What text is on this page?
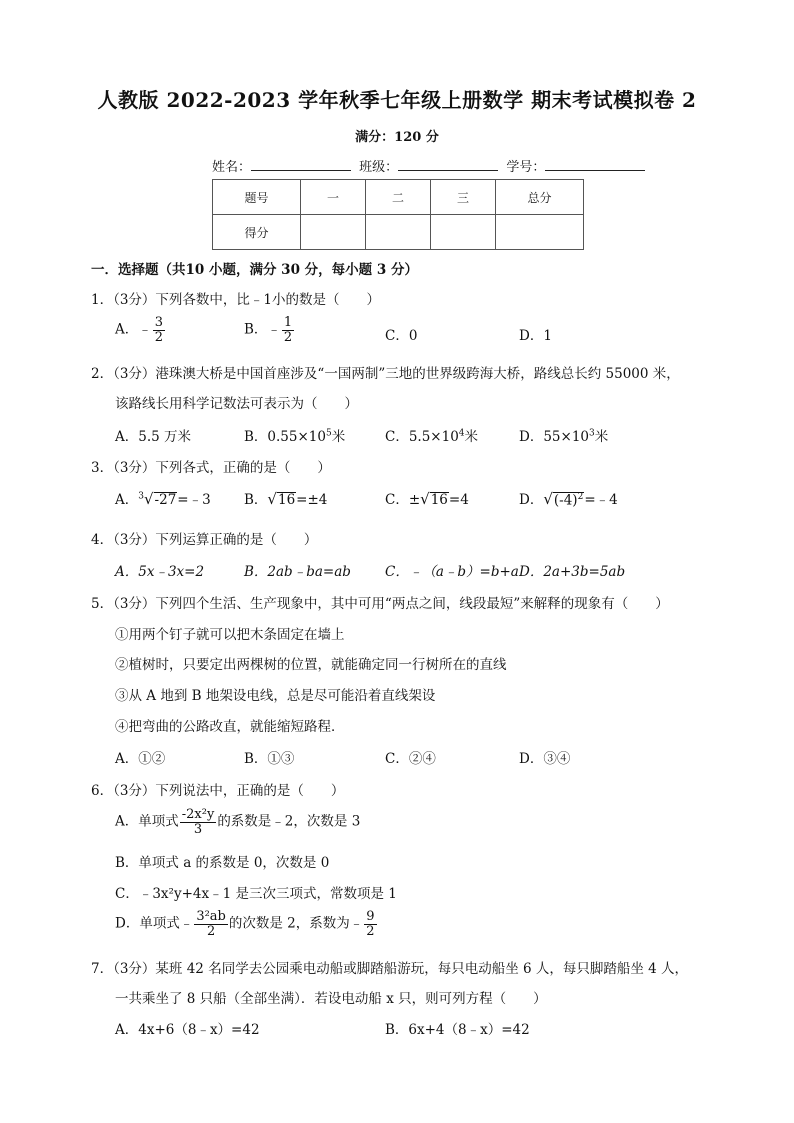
人教版 2022-2023 学年秋季七年级上册数学 期末考试模拟卷 2
满分：120 分
姓名：	班级：	学号：
题号	一	二	三	总分
得分				
一．选择题（共10 小题，满分 30 分，每小题 3 分）
1．（3分）下列各数中，比﹣1小的数是（　　）
A．﹣ $\frac{3}{2}$	B．﹣ $\frac{1}{2}$	C．0	D．1
2．（3分）港珠澳大桥是中国首座涉及“一国两制”三地的世界级跨海大桥，路线总长约 55000 米，
该路线长用科学记数法可表示为（　　）
A．5.5 万米	B．$0.55\times 10^5$米	C．$5.5\times 10^4$米	D．$55\times 10^3$米
3．（3分）下列各式，正确的是（　　）
A．$^3$√-27=﹣3 B．√16=±4	C．±√16=4	D．$√(-4)^2=﹣4$
4．（3分）下列运算正确的是（　　）
A．5x﹣3x=2	B．2ab﹣ba=ab	C．﹣（a﹣b）=b+a D．2a+3b=5ab
5．（3分）下列四个生活、生产现象中，其中可用“两点之间，线段最短”来解释的现象有（　　）
①用两个钉子就可以把木条固定在墙上
②植树时，只要定出两棵树的位置，就能确定同一行树所在的直线
③从 A 地到 B 地架设电线，总是尽可能沿着直线架设
④把弯曲的公路改直，就能缩短路程．
A．①②	B．①③	C．②④	D．③④
6．（3分）下列说法中，正确的是（　　）
A．单项式 $\frac{\text{-2x²y}}{3}$ 的系数是﹣2，次数是 3
B．单项式 a 的系数是 0，次数是 0
C．﹣3x²y+4x﹣1 是三次三项式，常数项是 1
D．单项式﹣ $\frac{\text{3²ab}}{2}$ 的次数是 2，系数为﹣ $\frac{9}{2}$
7．（3分）某班 42 名同学去公园乘电动船或脚踏船游玩，每只电动船坐 6 人，每只脚踏船坐 4 人，
一共乘坐了 8 只船（全部坐满）．若设电动船 x 只，则可列方程（　　）
A．4x+6（8﹣x）=42	B．6x+4（8﹣x）=42
